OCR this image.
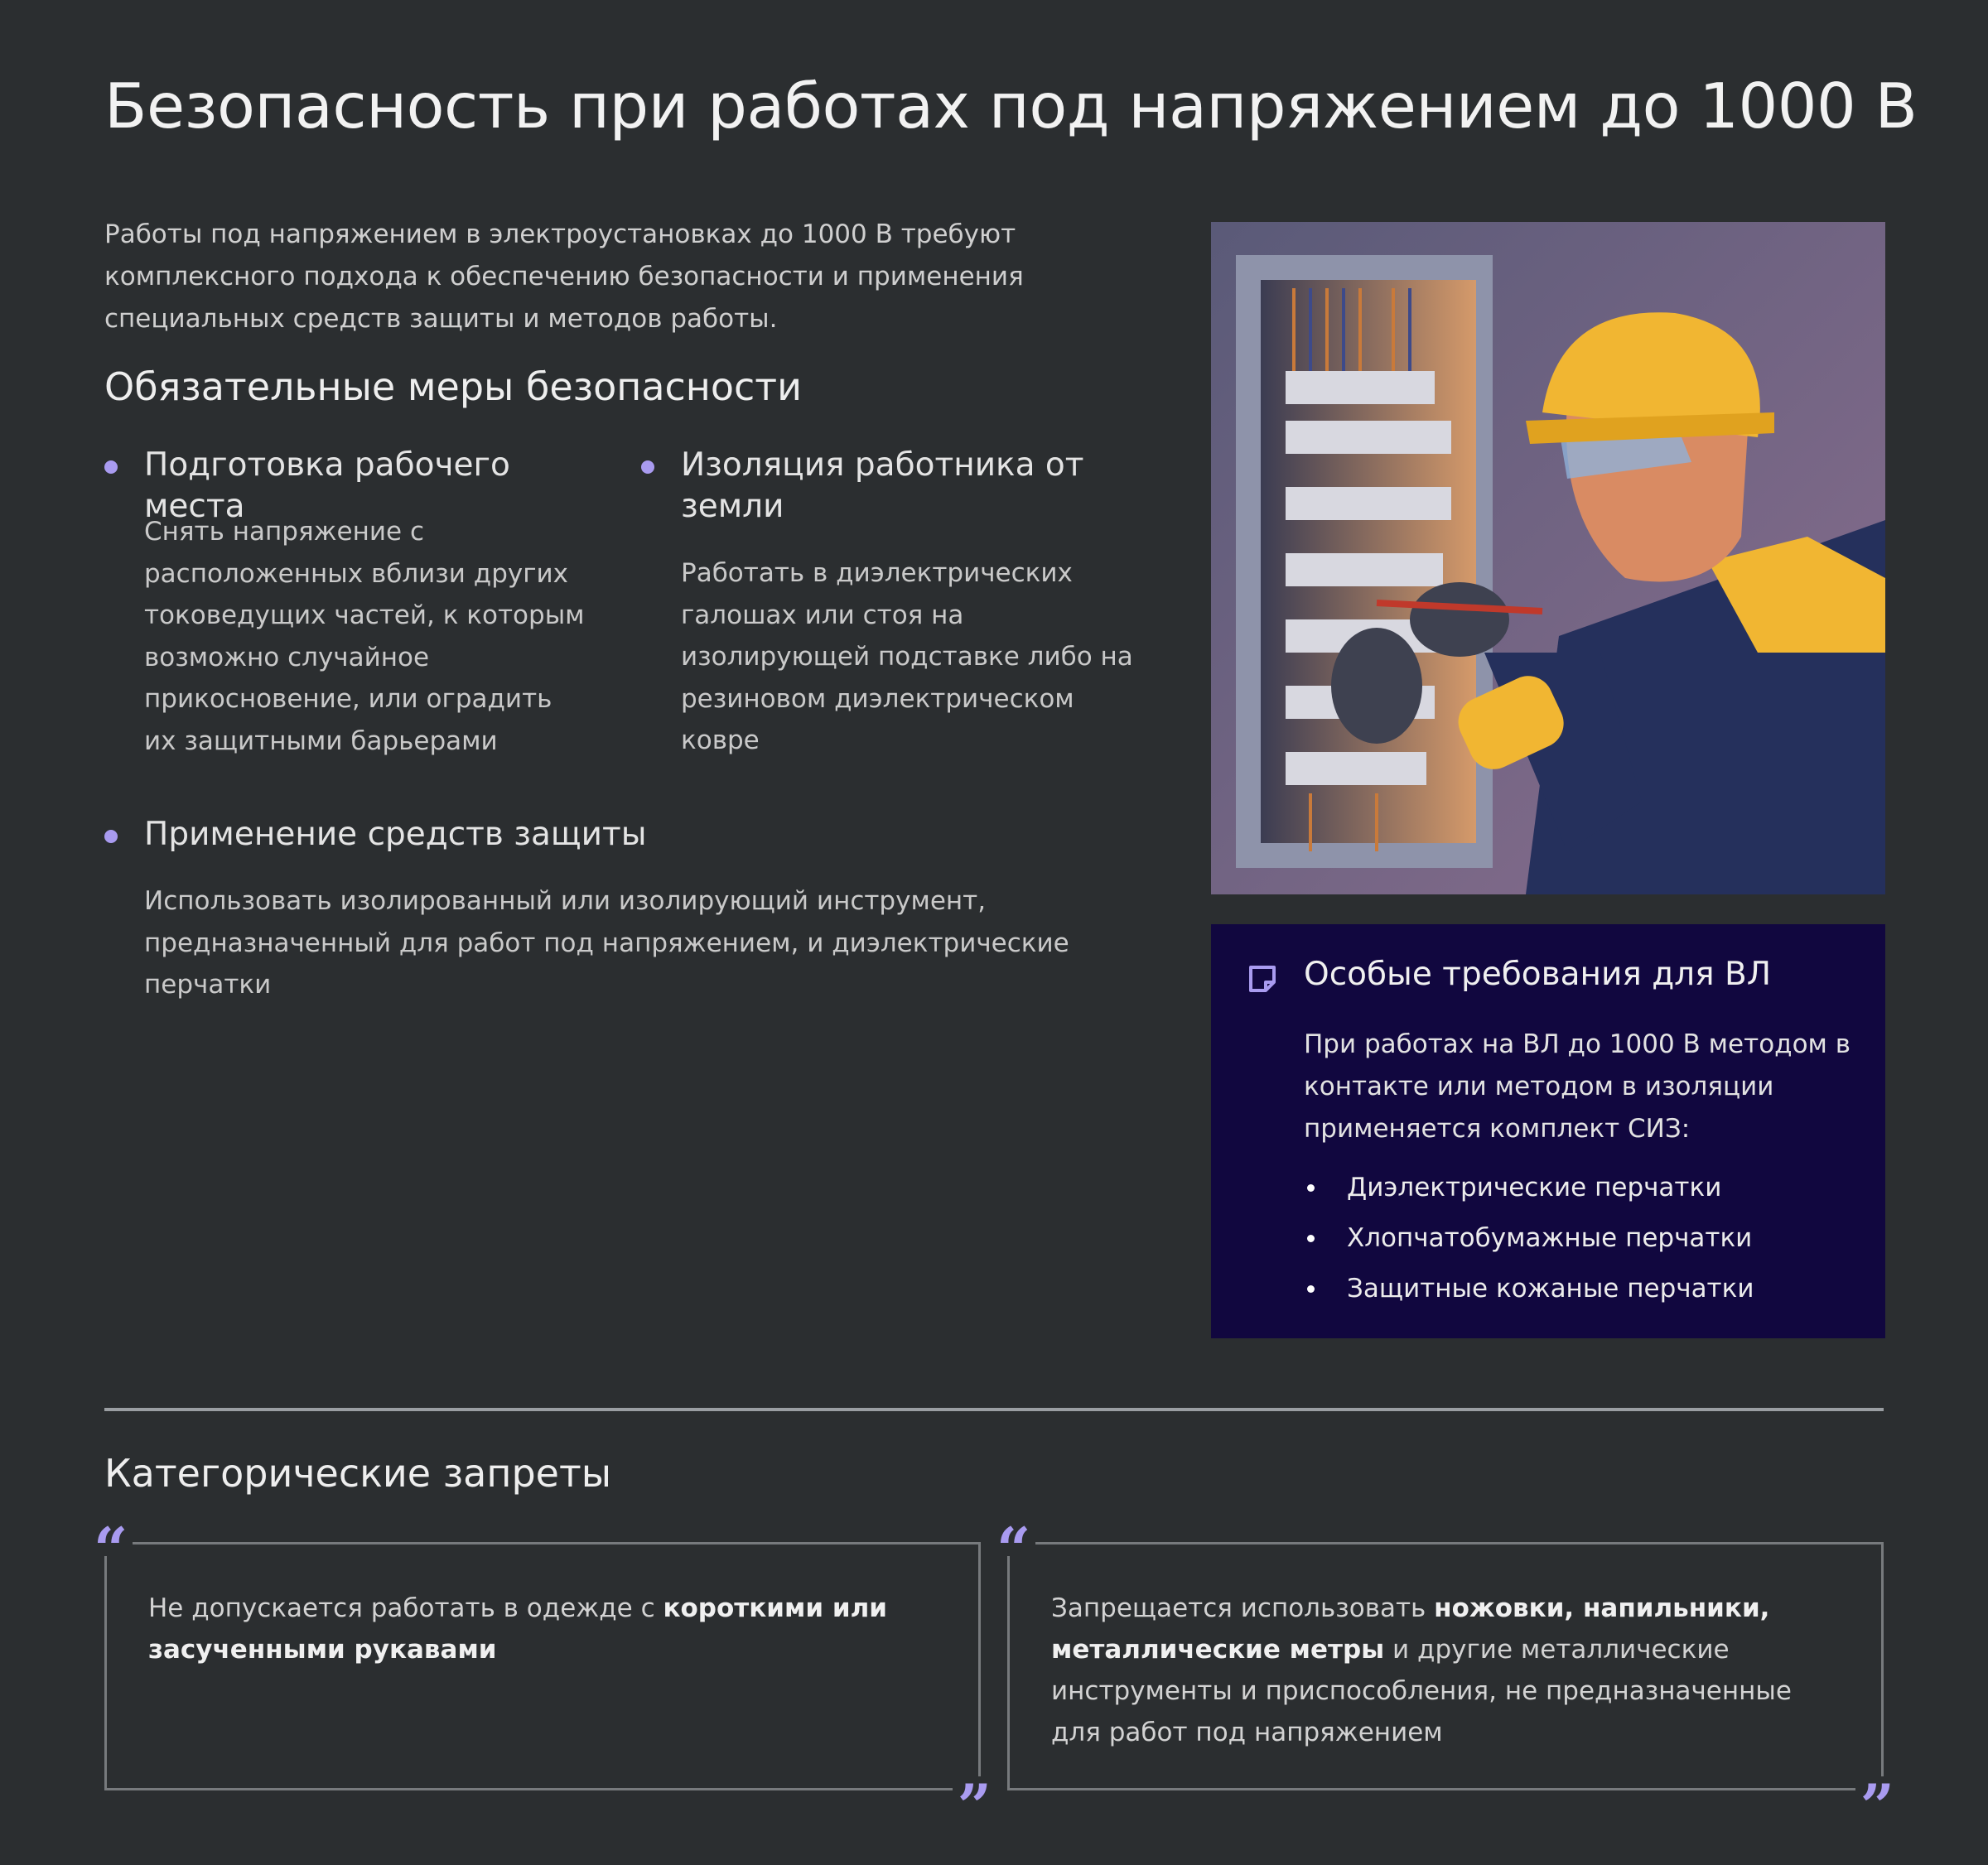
Безопасность при работах под напряжением до 1000 В

Работы под напряжением в электроустановках до 1000 В требуют комплексного подхода к обеспечению безопасности и применения специальных средств защиты и методов работы.

Обязательные меры безопасности
Подготовка рабочего места

Снять напряжение с расположенных вблизи других токоведущих частей, к которым возможно случайное прикосновение, или оградить их защитными барьерами

Изоляция работника от земли

Работать в диэлектрических галошах или стоя на изолирующей подставке либо на резиновом диэлектрическом ковре

Применение средств защиты

Использовать изолированный или изолирующий инструмент, предназначенный для работ под напряжением, и диэлектрические перчатки	Особые требования для ВЛ

При работах на ВЛ до 1000 В методом в контакте или методом в изоляции применяется комплект СИЗ:

Диэлектрические перчатки
Хлопчатобумажные перчатки
Защитные кожаные перчатки
Категорические запреты
“

Не допускается работать в одежде с короткими или засученными рукавами

”
“

Запрещается использовать ножовки, напильники, металлические метры и другие металлические инструменты и приспособления, не предназначенные для работ под напряжением

”
